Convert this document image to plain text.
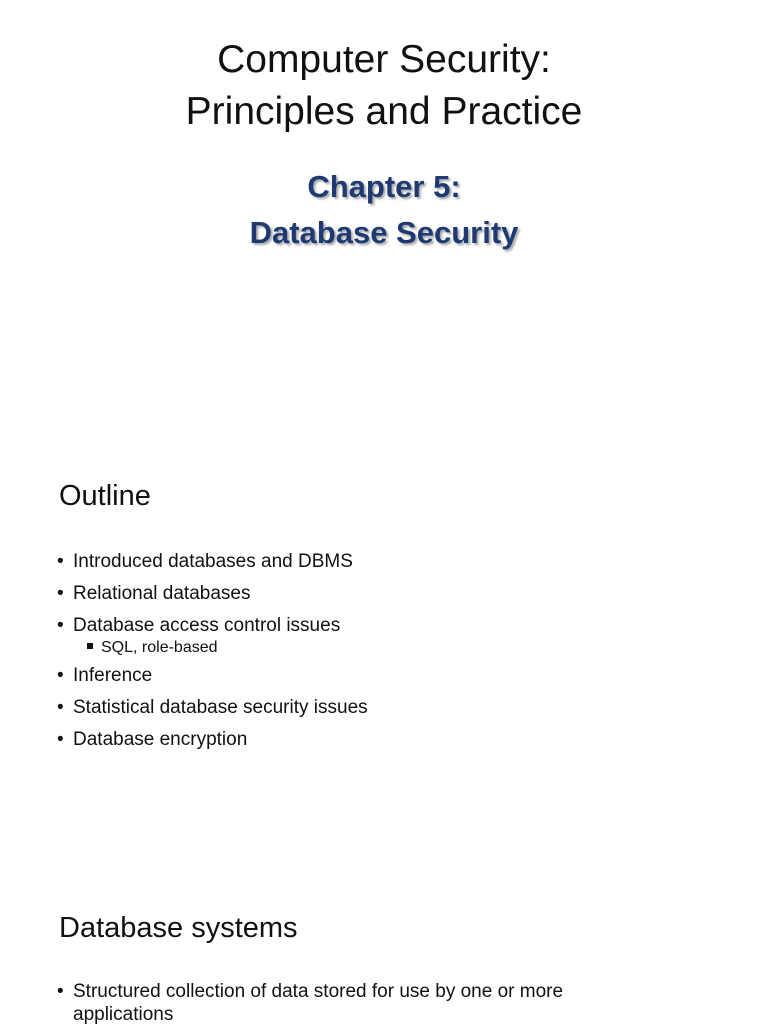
Computer Security:
Principles and Practice
Chapter 5:
Database Security
Outline
• Introduced databases and DBMS
• Relational databases
• Database access control issues
SQL, role-based
• Inference
• Statistical database security issues
• Database encryption
Database systems
• Structured collection of data stored for use by one or more applications
